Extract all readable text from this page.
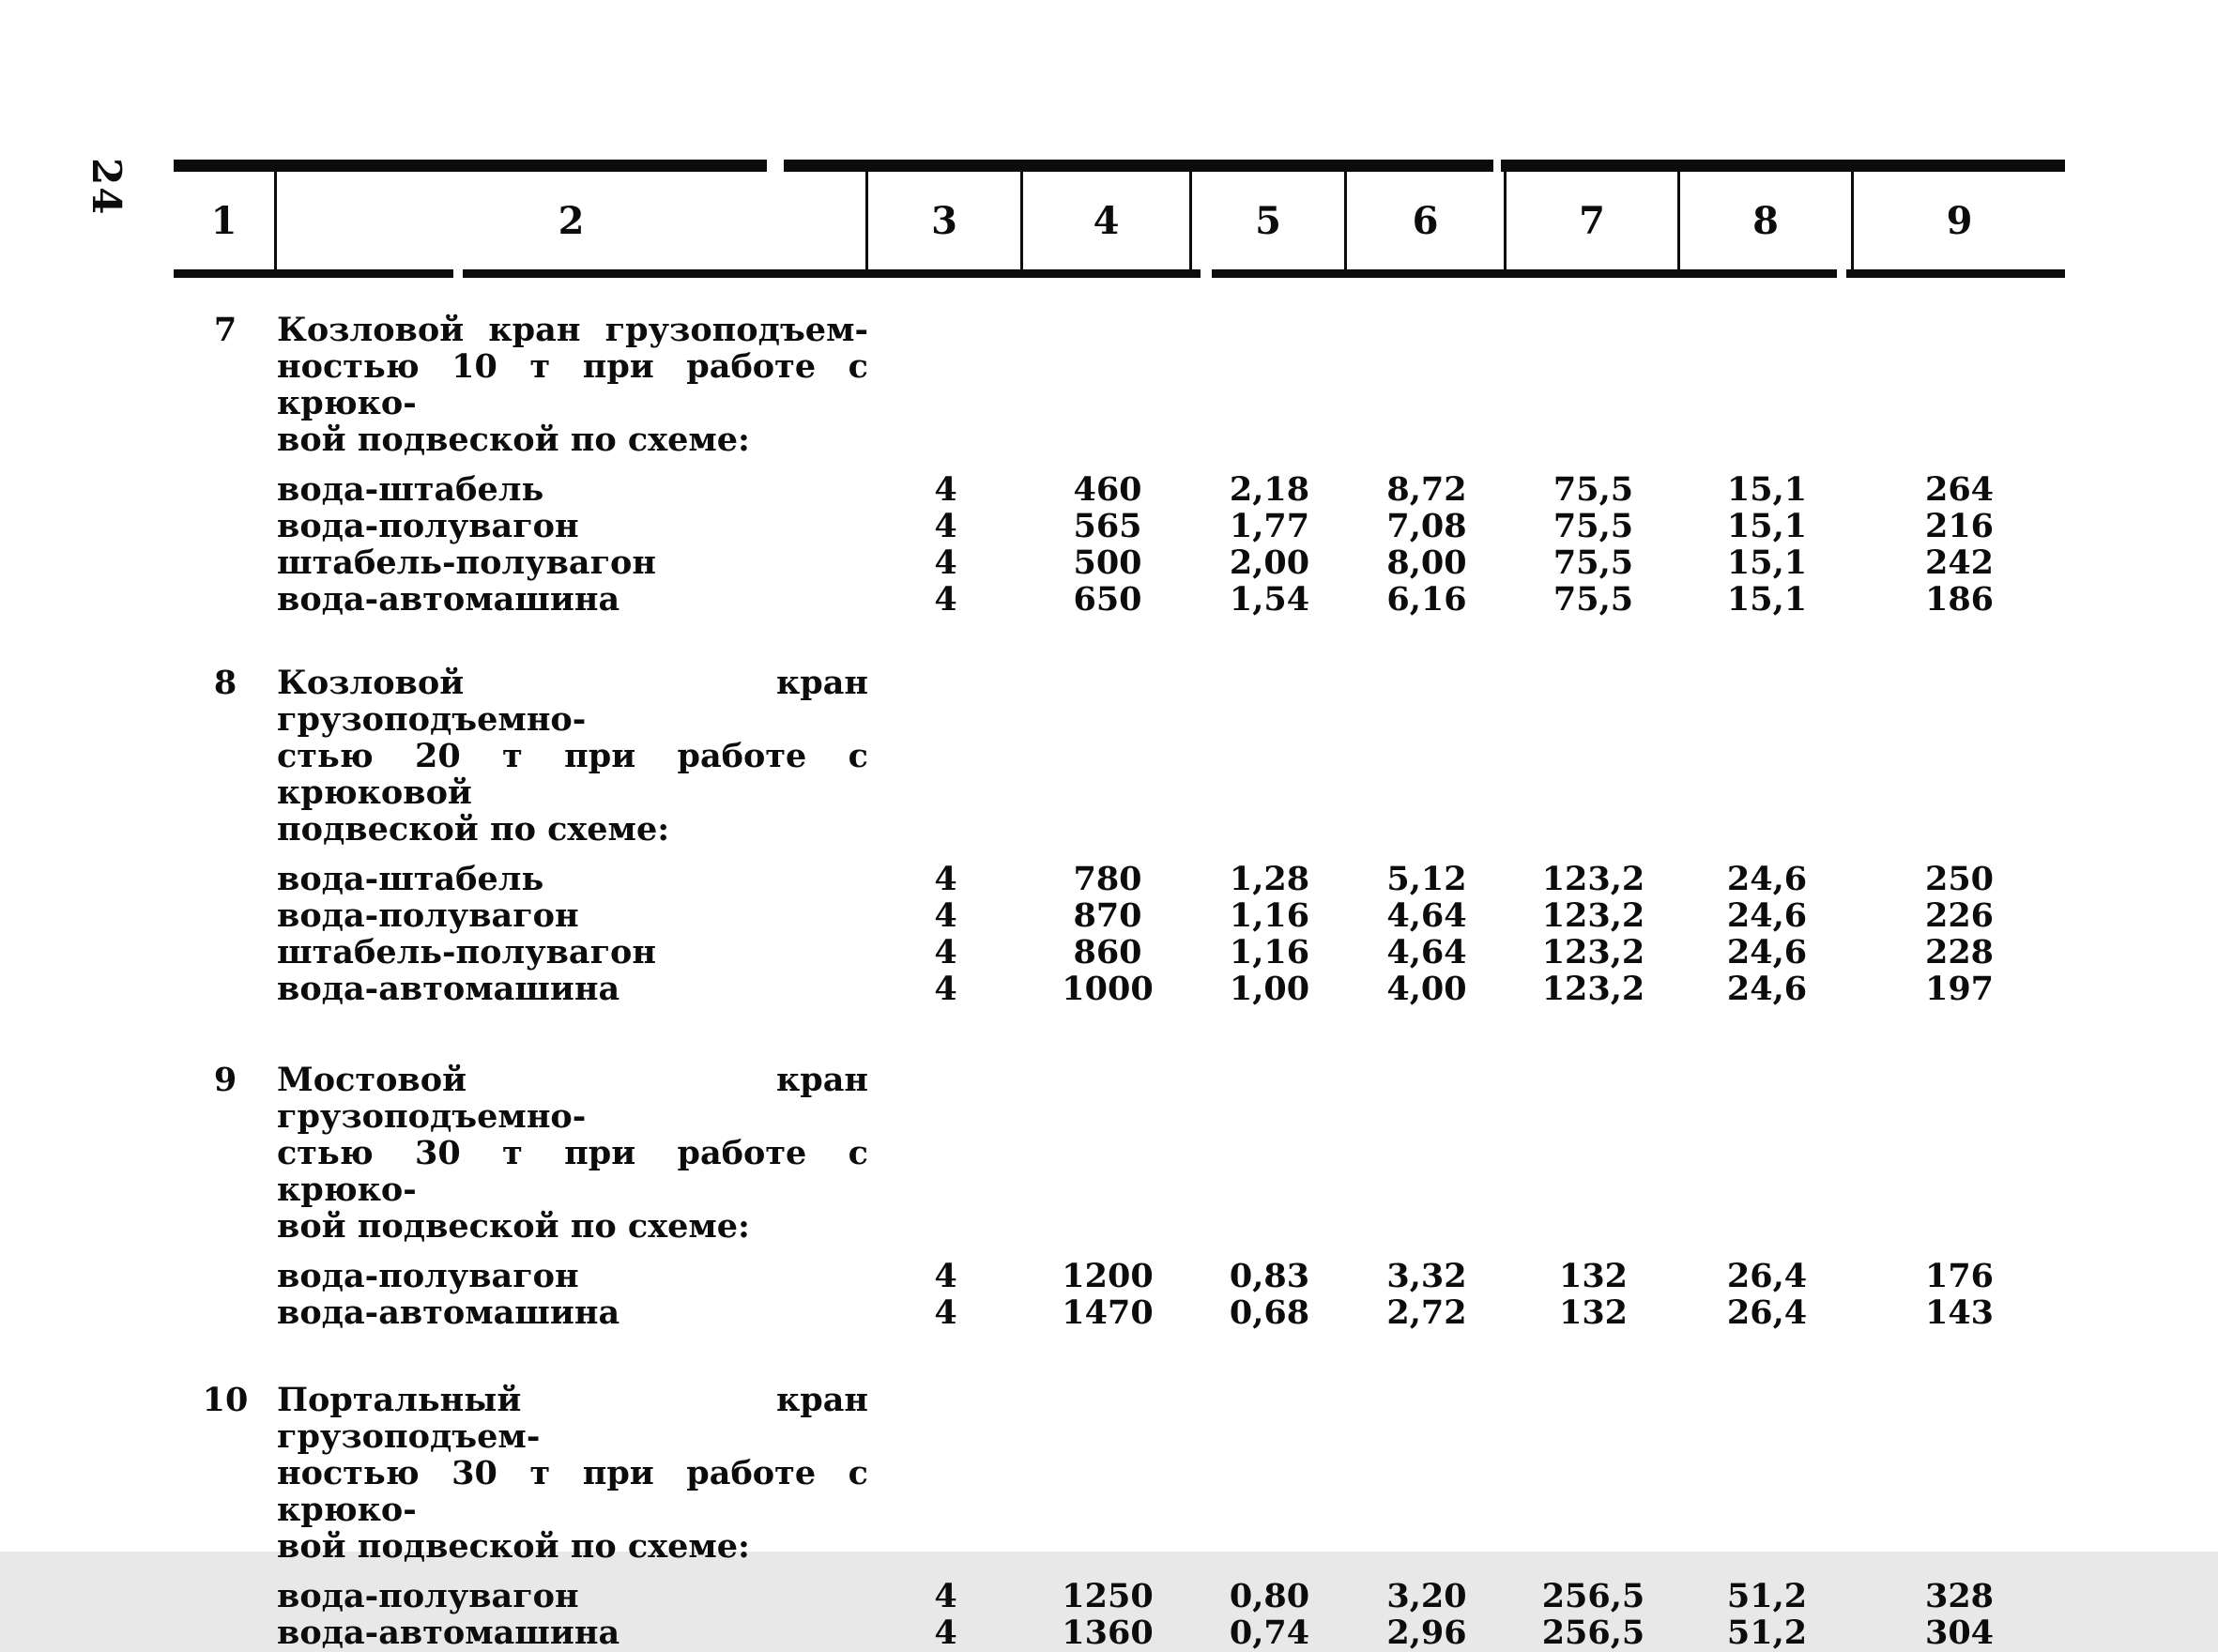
24
1	2	3	4	5	6	7	8	9
7	Козловой кран грузоподъем-
ностью 10 т при работе с крюко-
вой подвеской по схеме:
вода-штабель	4	460	2,18	8,72	75,5	15,1	264
вода-полувагон	4	565	1,77	7,08	75,5	15,1	216
штабель-полувагон	4	500	2,00	8,00	75,5	15,1	242
вода-автомашина	4	650	1,54	6,16	75,5	15,1	186
8	Козловой кран грузоподъемно-
стью 20 т при работе с крюковой
подвеской по схеме:
вода-штабель	4	780	1,28	5,12	123,2	24,6	250
вода-полувагон	4	870	1,16	4,64	123,2	24,6	226
штабель-полувагон	4	860	1,16	4,64	123,2	24,6	228
вода-автомашина	4	1000	1,00	4,00	123,2	24,6	197
9	Мостовой кран грузоподъемно-
стью 30 т при работе с крюко-
вой подвеской по схеме:
вода-полувагон	4	1200	0,83	3,32	132	26,4	176
вода-автомашина	4	1470	0,68	2,72	132	26,4	143
10 Портальный кран грузоподъем-
ностью 30 т при работе с крюко-
вой подвеской по схеме:
вода-полувагон	4	1250	0,80	3,20	256,5	51,2	328
вода-автомашина	4	1360	0,74	2,96	256,5	51,2	304
